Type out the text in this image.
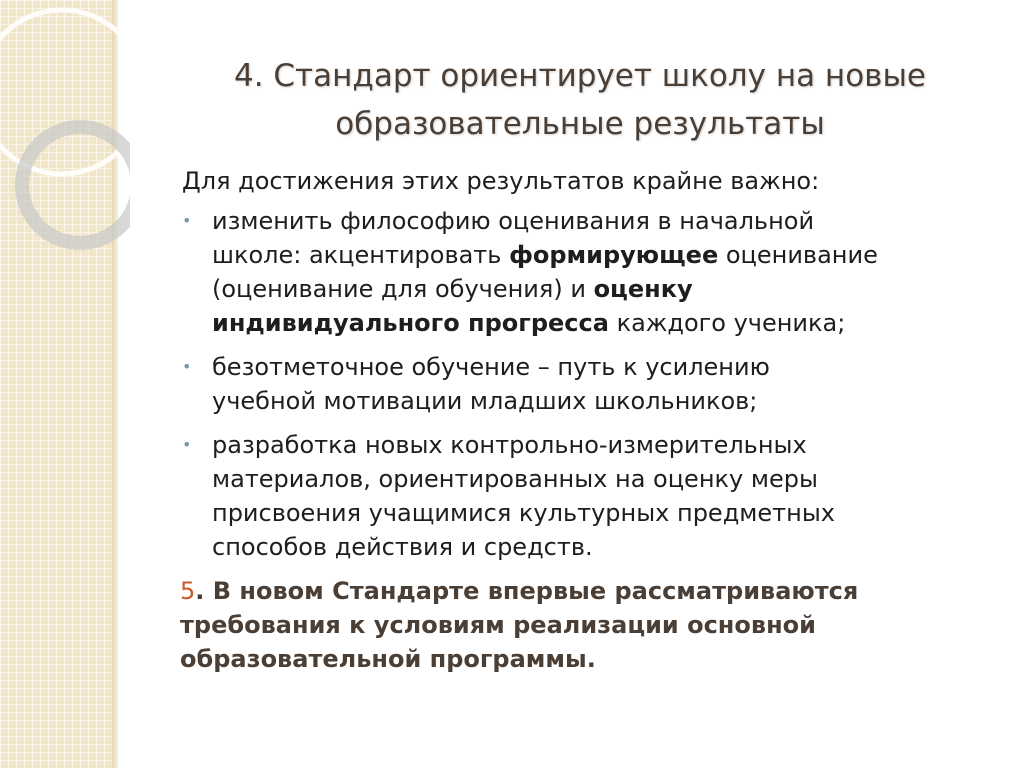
4. Стандарт ориентирует школу на новые
образовательные результаты
Для достижения этих результатов крайне важно:
• изменить философию оценивания в начальной
школе: акцентировать формирующее оценивание
(оценивание для обучения) и оценку
индивидуального прогресса каждого ученика;
• безотметочное обучение – путь к усилению
учебной мотивации младших школьников;
• разработка новых контрольно-измерительных
материалов, ориентированных на оценку меры
присвоения учащимися культурных предметных
способов действия и средств.
5. В новом Стандарте впервые рассматриваются
требования к условиям реализации основной
образовательной программы.
